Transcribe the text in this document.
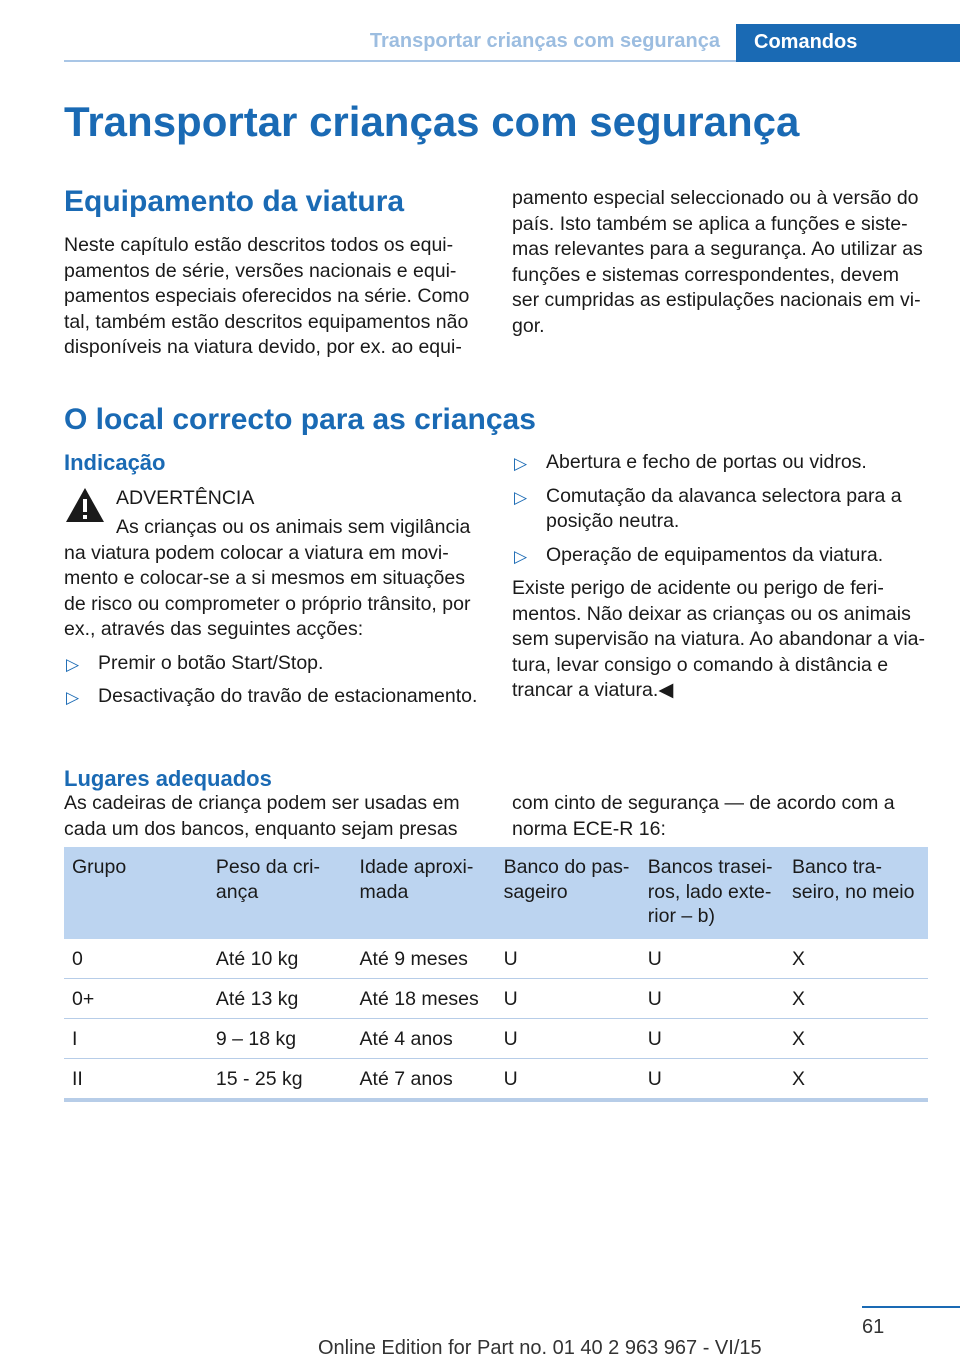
Transportar crianças com segurança	Comandos
Transportar crianças com segurança
Equipamento da viatura

Neste capítulo estão descritos todos os equipamentos de série, versões nacionais e equipamentos especiais oferecidos na série. Como tal, também estão descritos equipamentos não disponíveis na viatura devido, por ex. ao equi‐

pamento especial seleccionado ou à versão do país. Isto também se aplica a funções e sistemas relevantes para a segurança. Ao utilizar as funções e sistemas correspondentes, devem ser cumpridas as estipulações nacionais em vigor.

O local correcto para as crianças
Indicação

ADVERTÊNCIA

As crianças ou os animais sem vigilância

na viatura podem colocar a viatura em movimento e colocar-se a si mesmos em situações de risco ou comprometer o próprio trânsito, por ex., através das seguintes acções:

▷ Premir o botão Start/Stop.
▷ Desactivação do travão de estacionamento.
▷ Abertura e fecho de portas ou vidros.
▷ Comutação da alavanca selectora para a posição neutra.
▷ Operação de equipamentos da viatura.

Existe perigo de acidente ou perigo de ferimentos. Não deixar as crianças ou os animais sem supervisão na viatura. Ao abandonar a viatura, levar consigo o comando à distância e trancar a viatura.◀

Lugares adequados

As cadeiras de criança podem ser usadas em cada um dos bancos, enquanto sejam presas

com cinto de segurança — de acordo com a norma ECE-R 16:

Grupo	Peso da criança	Idade aproximada	Banco do passageiro	Bancos traseiros, lado exterior – b)	Banco traseiro, no meio
0	Até 10 kg	Até 9 meses	U	U	X
0+	Até 13 kg	Até 18 meses	U	U	X
I	9 – 18 kg	Até 4 anos	U	U	X
II	15 - 25 kg	Até 7 anos	U	U	X
61
Online Edition for Part no. 01 40 2 963 967 - VI/15
